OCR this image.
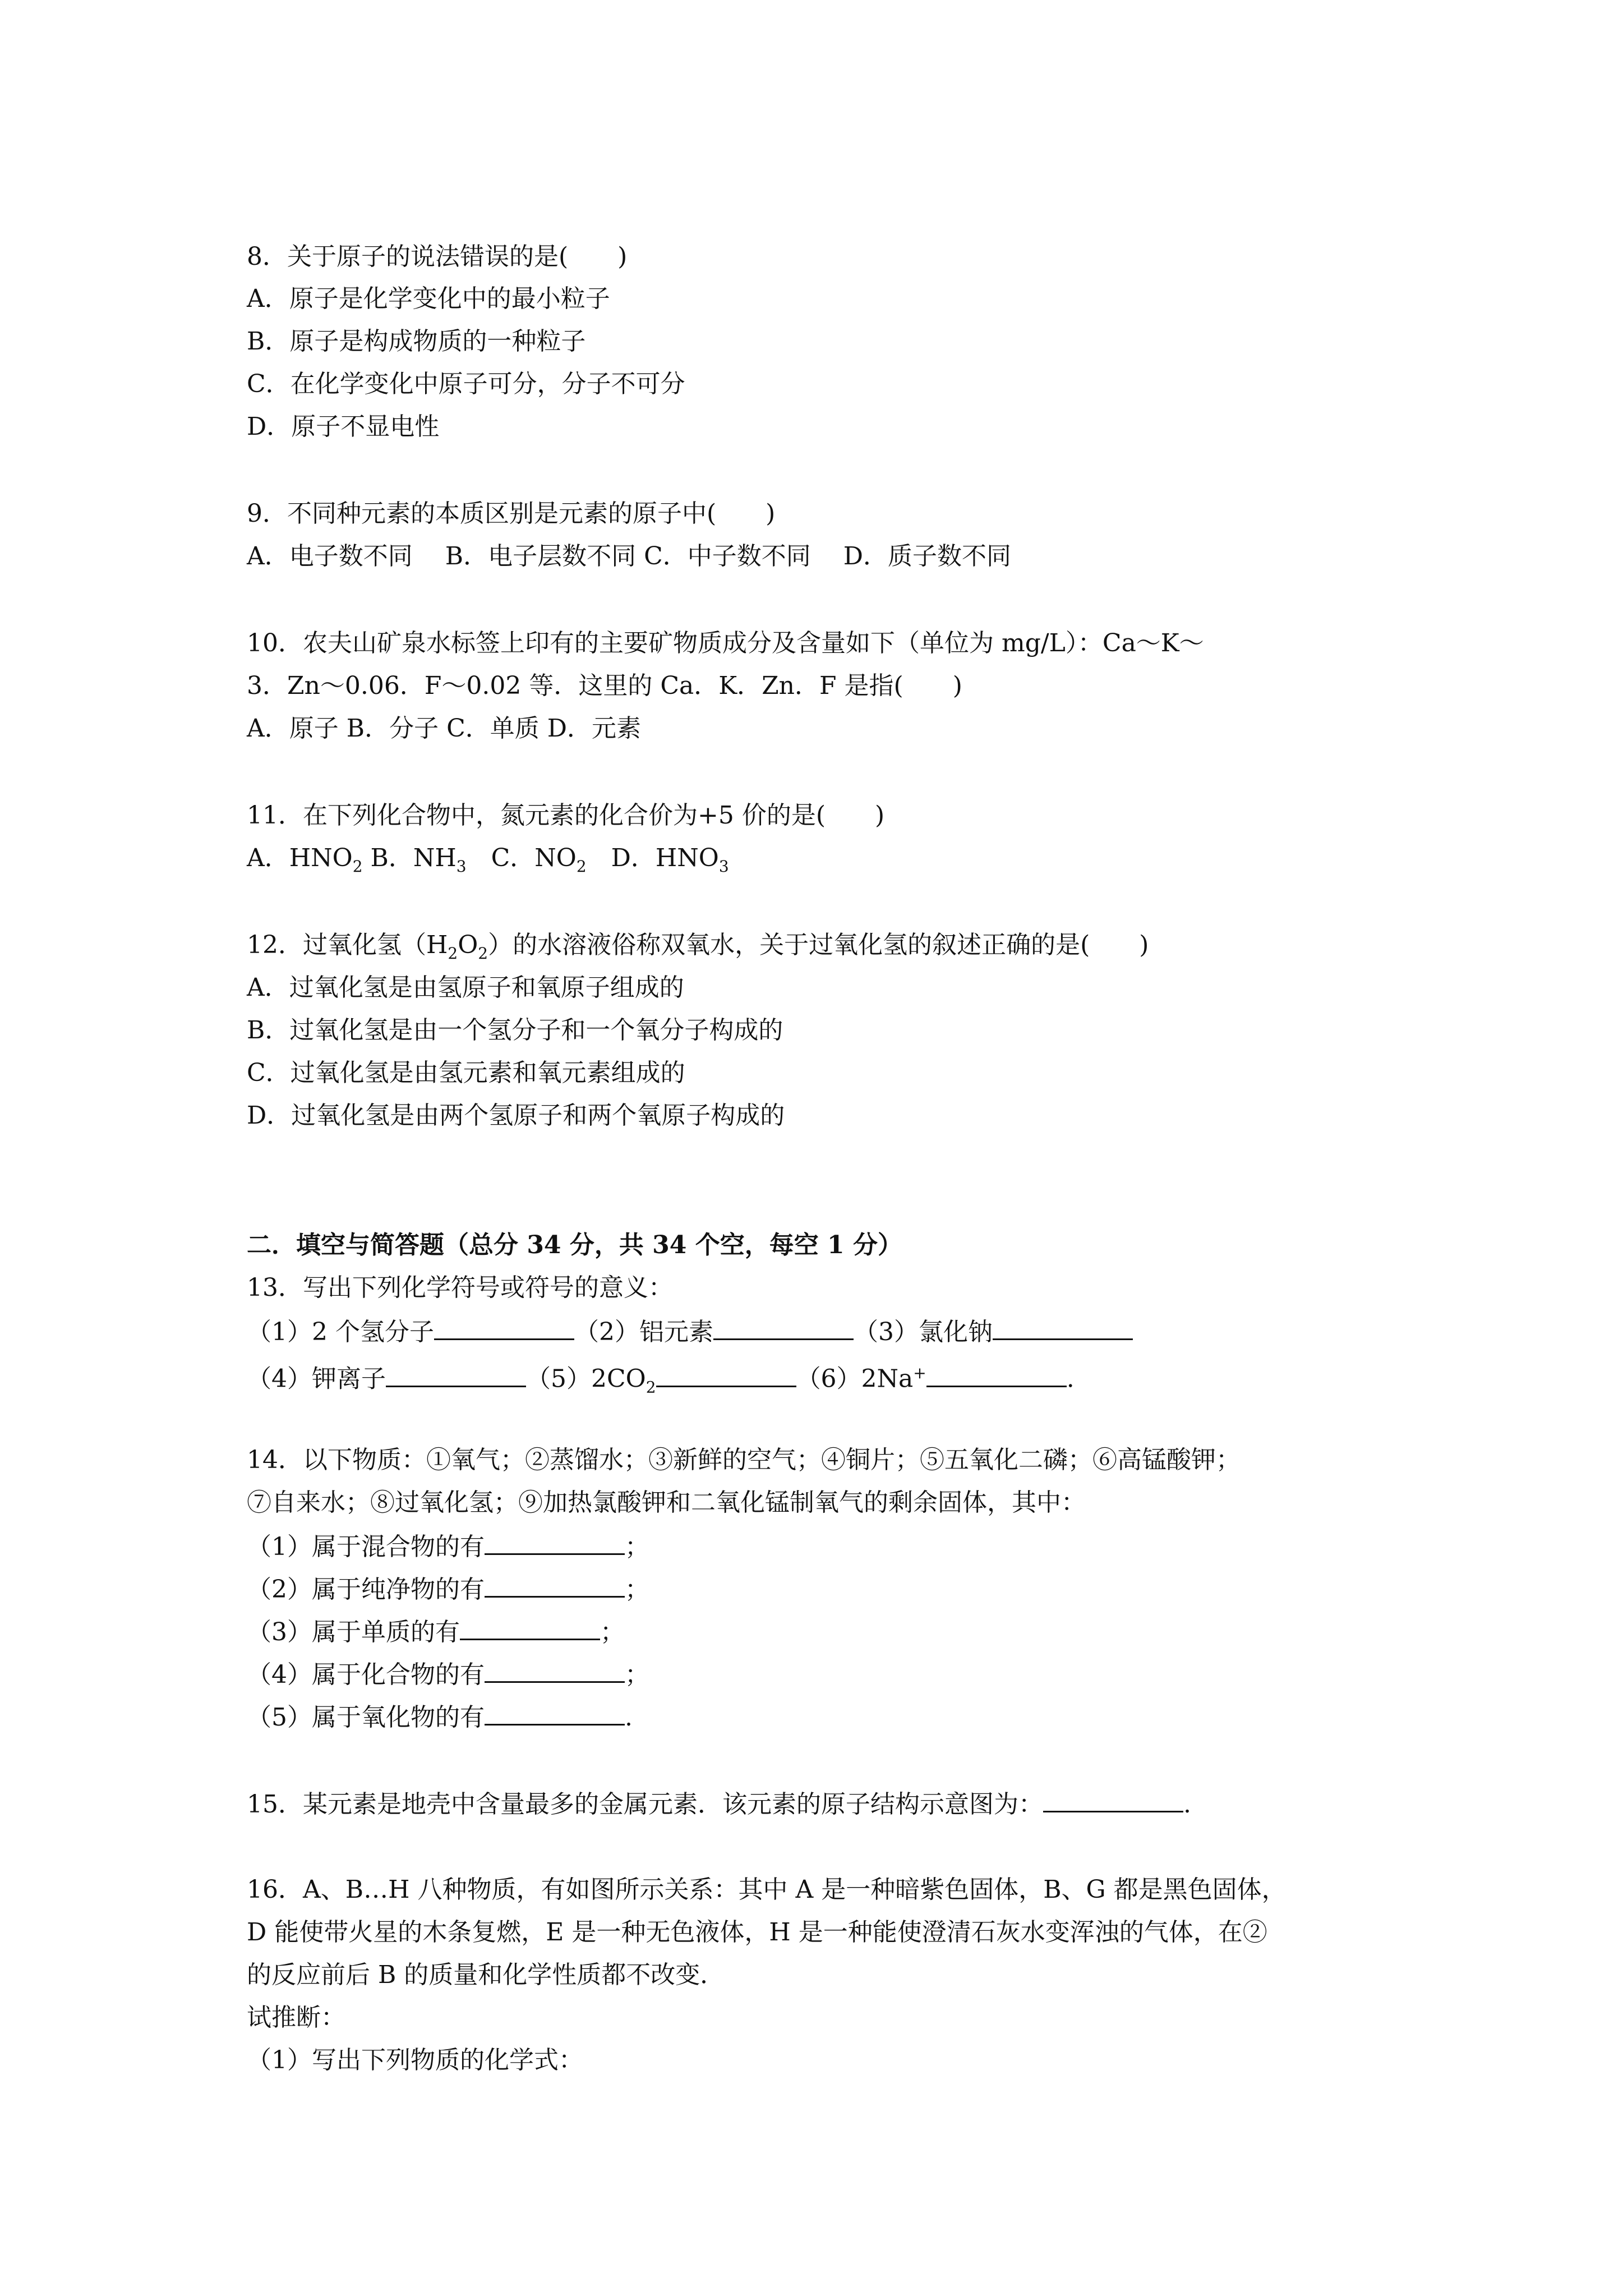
8．关于原子的说法错误的是(　　)
A．原子是化学变化中的最小粒子
B．原子是构成物质的一种粒子
C．在化学变化中原子可分，分子不可分
D．原子不显电性
9．不同种元素的本质区别是元素的原子中(　　)
A．电子数不同　 B．电子层数不同 C．中子数不同　 D．质子数不同
10．农夫山矿泉水标签上印有的主要矿物质成分及含量如下（单位为 mg/L）：Ca～K～
3．Zn～0.06．F～0.02 等．这里的 Ca．K．Zn．F 是指(　　)
A．原子 B．分子 C．单质 D．元素
11．在下列化合物中，氮元素的化合价为+5 价的是(　　)
A．$HNO_2$ B．$NH_3$　C．$NO_2$　D．$HNO_3$
12．过氧化氢$(H_2O_2)$的水溶液俗称双氧水，关于过氧化氢的叙述正确的是(　　)
A．过氧化氢是由氢原子和氧原子组成的
B．过氧化氢是由一个氢分子和一个氧分子构成的
C．过氧化氢是由氢元素和氧元素组成的
D．过氧化氢是由两个氢原子和两个氧原子构成的
二．填空与简答题（总分 34 分，共 34 个空，每空 1 分）
13．写出下列化学符号或符号的意义：
（1）2 个氢分子	（2）铝元素	（3）氯化钠
（4）钾离子	$(5)2CO_2$	（6）2Na+	.
14．以下物质：①氧气；②蒸馏水；③新鲜的空气；④铜片；⑤五氧化二磷；⑥高锰酸钾；
⑦自来水；⑧过氧化氢；⑨加热氯酸钾和二氧化锰制氧气的剩余固体，其中：
（1）属于混合物的有	；
（2）属于纯净物的有	；
（3）属于单质的有	；
（4）属于化合物的有	；
（5）属于氧化物的有	.
15．某元素是地壳中含量最多的金属元素．该元素的原子结构示意图为：	.
16．A、B…H 八种物质，有如图所示关系：其中 A 是一种暗紫色固体，B、G 都是黑色固体，
D 能使带火星的木条复燃，E 是一种无色液体，H 是一种能使澄清石灰水变浑浊的气体，在②
的反应前后 B 的质量和化学性质都不改变．
试推断：
（1）写出下列物质的化学式：
